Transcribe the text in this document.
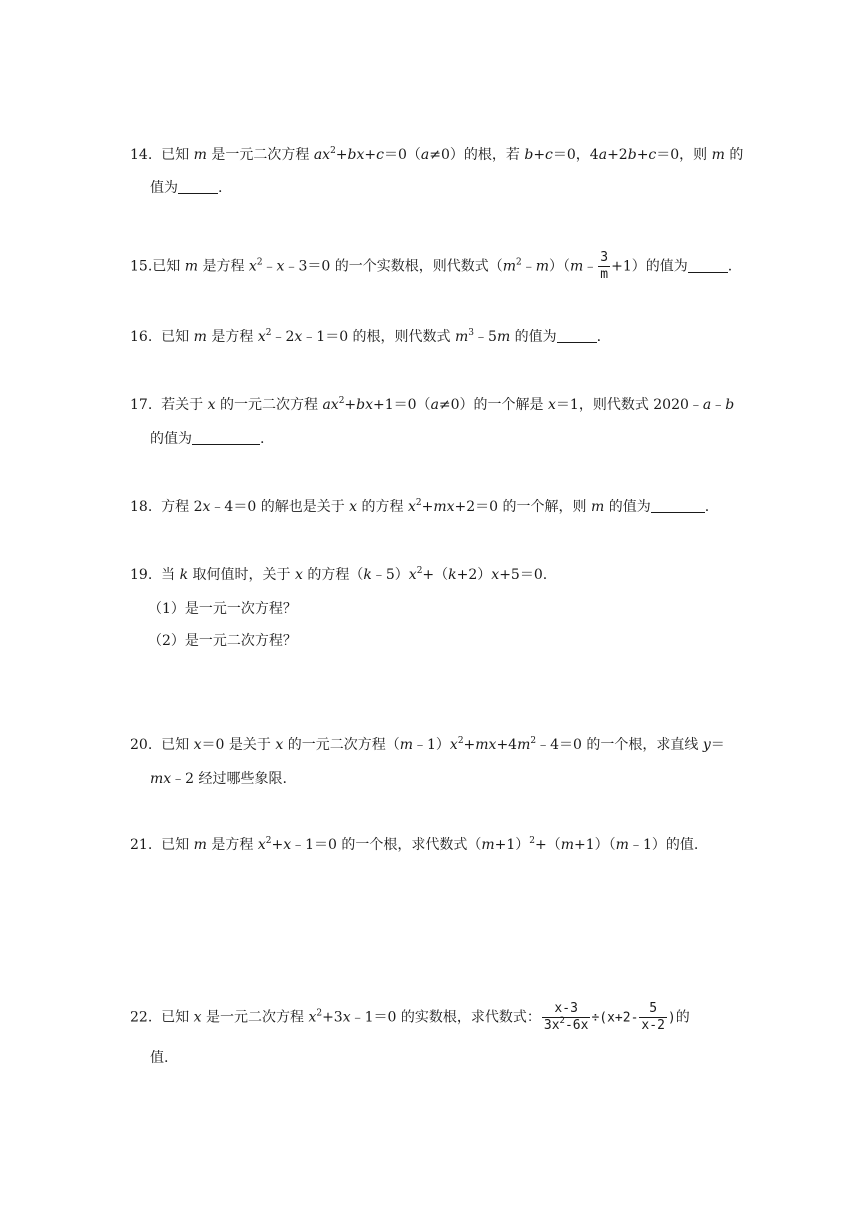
14.  已知 m 是一元二次方程 $ax^2+bx+c=0(a\ne 0)$的根，若 b+c＝0，4a+2b+c＝0，则 m 的
值为	.
15.已知 m 是方程 $x^2﹣x﹣3=0$ 的一个实数根，则代数式$(m^2﹣m)(m﹣ \frac{3}{m} +1)$的值为	.
16.  已知 m 是方程 $x^2﹣2x﹣1=0$ 的根，则代数式 $m^3﹣5m$ 的值为	.
17.  若关于 x 的一元二次方程 $ax^2+bx+1=0(a\ne 0)$的一个解是 x＝1，则代数式 2020﹣a﹣b
的值为	.
18.  方程 2x﹣4＝0 的解也是关于 x 的方程 $x^2+mx+2=0$ 的一个解，则 m 的值为	.
19.  当 k 取何值时，关于 x 的方程$(k﹣5)x^2+(k+2)x+5=0$.
（1）是一元一次方程？
（2）是一元二次方程？
20.  已知 x＝0 是关于 x 的一元二次方程$(m﹣1)x^2+mx+4m^2﹣4=0$ 的一个根，求直线 y＝
mx﹣2 经过哪些象限.
21.  已知 m 是方程 $x^2+x﹣1=0$ 的一个根，求代数式$(m+1)^2+(m+1)(m﹣1)$的值.
22.  已知 x 是一元二次方程 $x^2+3x﹣1=0$ 的实数根，求代数式： $\frac{x-3}{3x^2-6x} \div(x+2- \frac{5}{x-2}$ )的
值.
